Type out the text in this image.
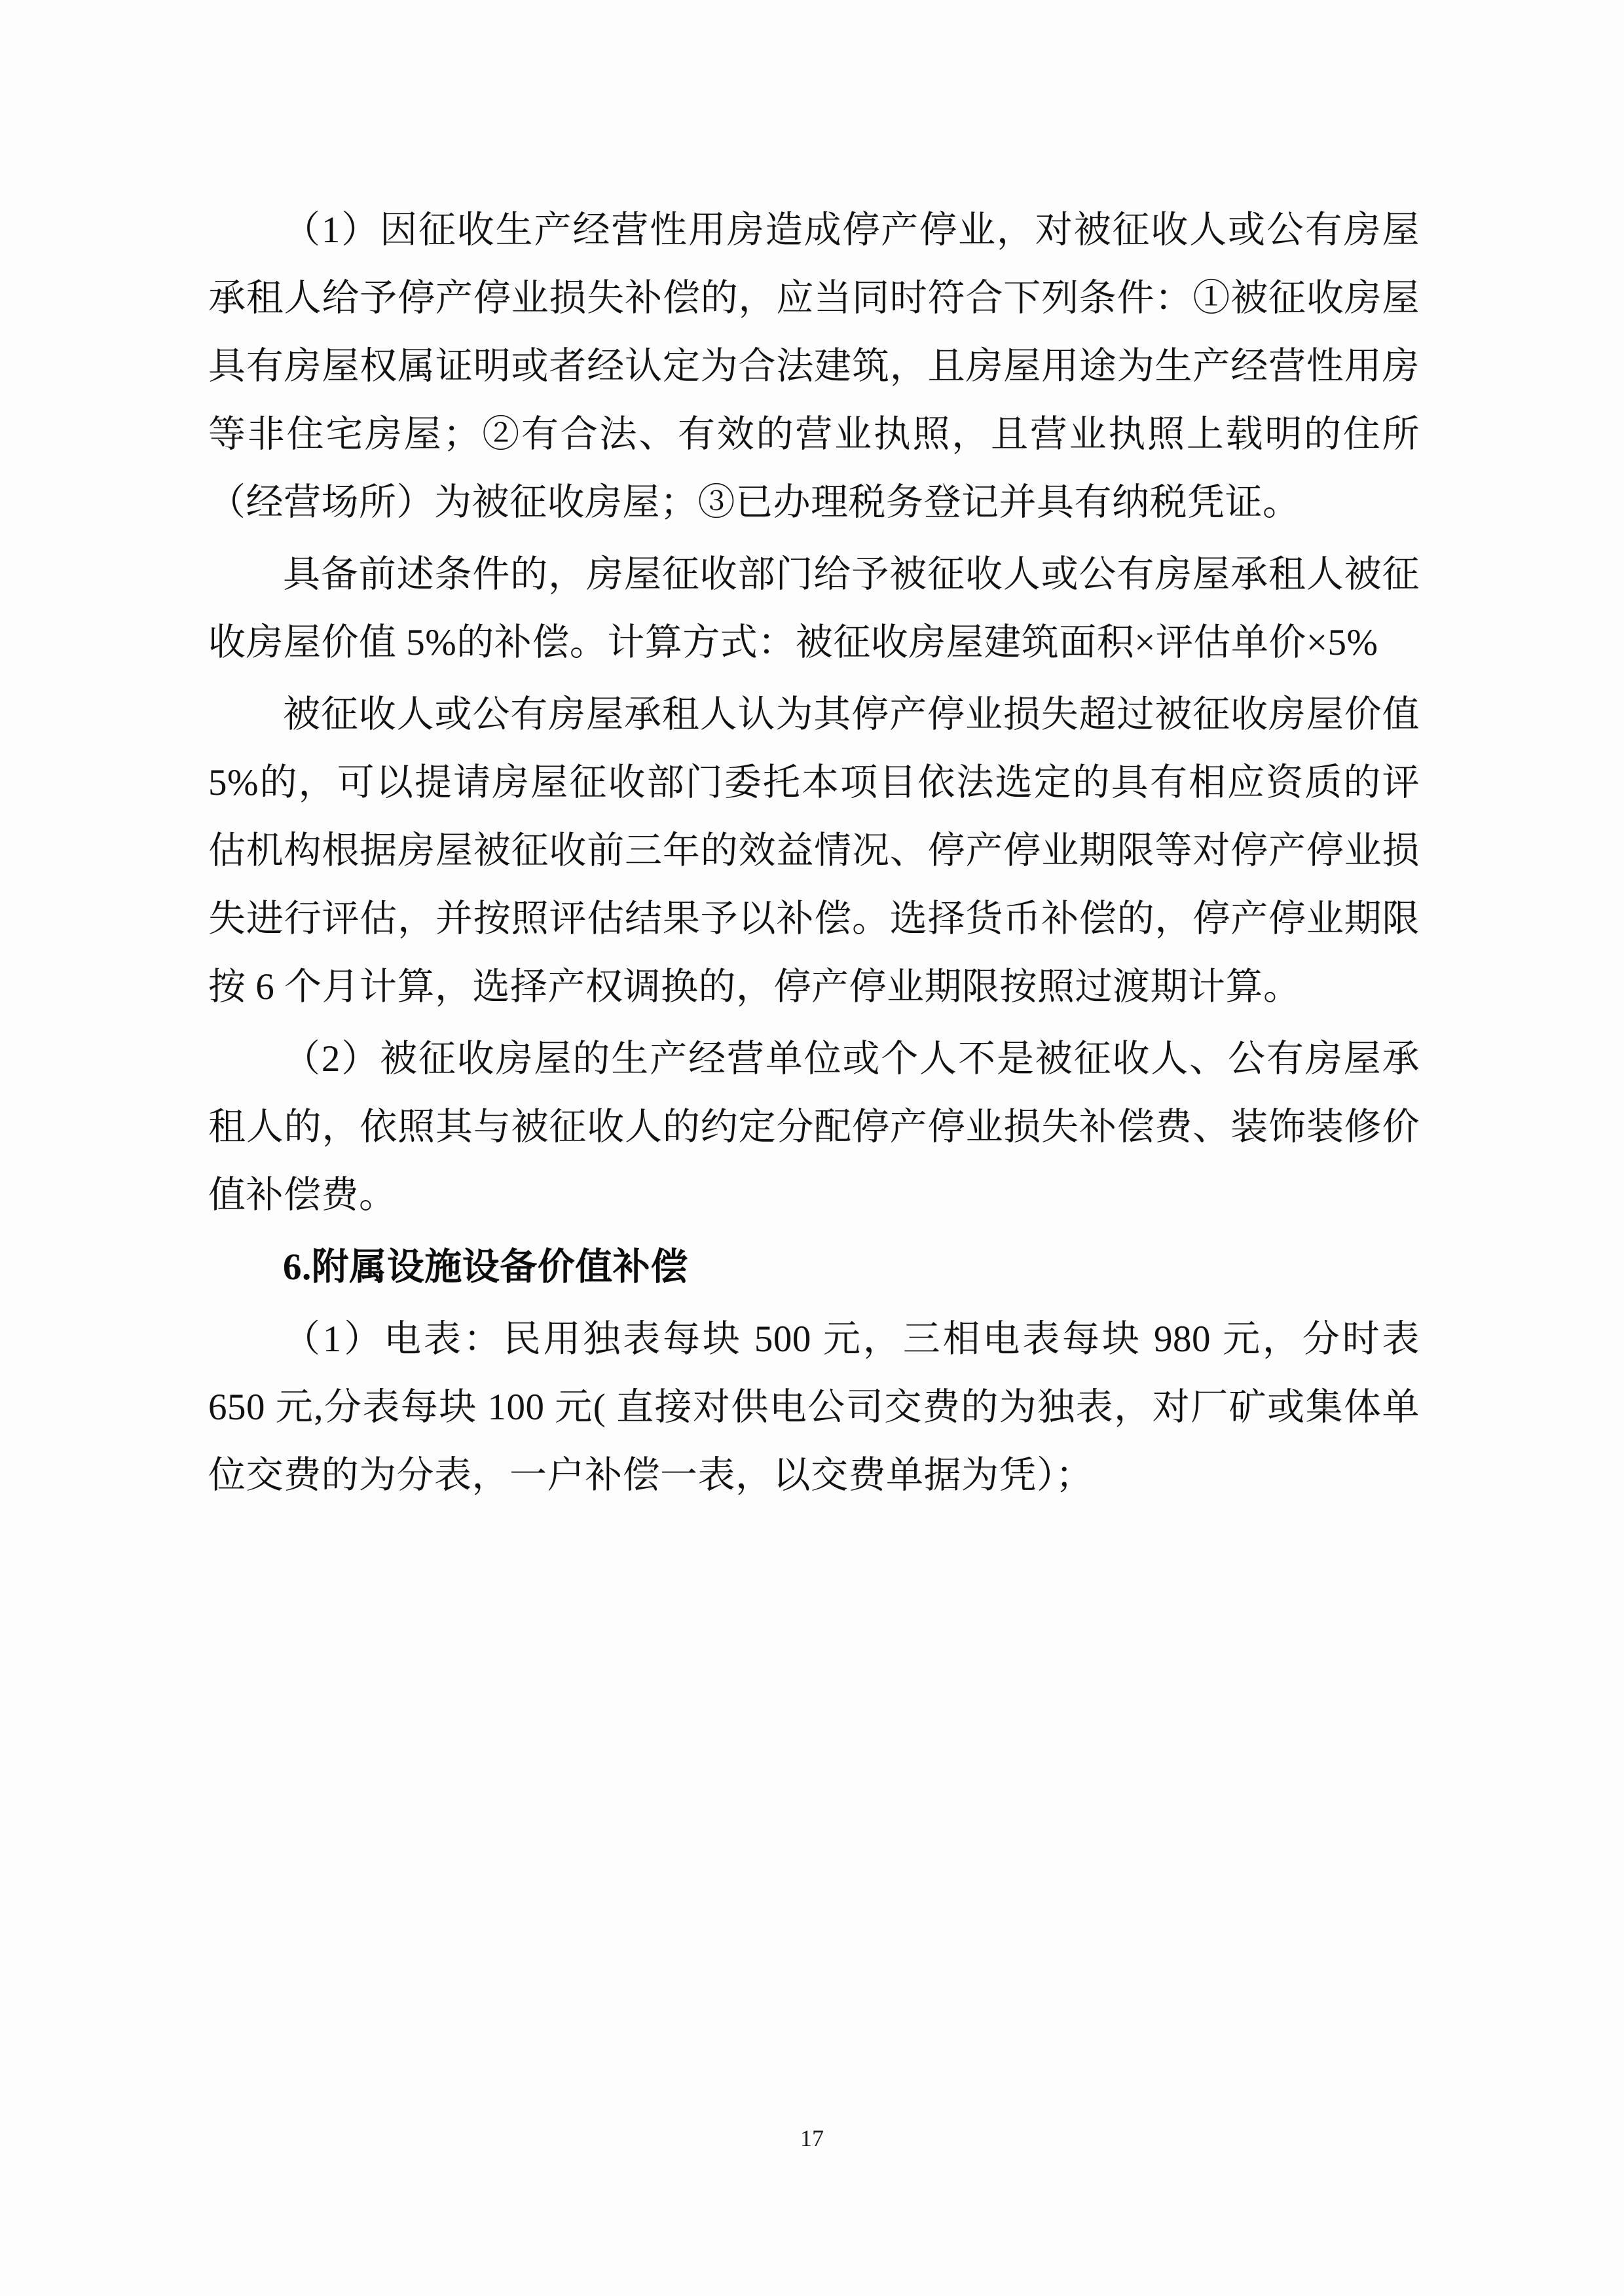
（1）因征收生产经营性用房造成停产停业，对被征收人或公有房屋承租人给予停产停业损失补偿的，应当同时符合下列条件：①被征收房屋具有房屋权属证明或者经认定为合法建筑，且房屋用途为生产经营性用房等非住宅房屋；②有合法、有效的营业执照，且营业执照上载明的住所（经营场所）为被征收房屋；③已办理税务登记并具有纳税凭证。

具备前述条件的，房屋征收部门给予被征收人或公有房屋承租人被征收房屋价值 5%的补偿。计算方式：被征收房屋建筑面积×评估单价×5%

被征收人或公有房屋承租人认为其停产停业损失超过被征收房屋价值 5%的，可以提请房屋征收部门委托本项目依法选定的具有相应资质的评估机构根据房屋被征收前三年的效益情况、停产停业期限等对停产停业损失进行评估，并按照评估结果予以补偿。选择货币补偿的，停产停业期限按 6 个月计算，选择产权调换的，停产停业期限按照过渡期计算。

（2）被征收房屋的生产经营单位或个人不是被征收人、公有房屋承租人的，依照其与被征收人的约定分配停产停业损失补偿费、装饰装修价值补偿费。

6.附属设施设备价值补偿

（1）电表：民用独表每块 500 元，三相电表每块 980 元，分时表 650 元,分表每块 100 元( 直接对供电公司交费的为独表，对厂矿或集体单位交费的为分表，一户补偿一表，以交费单据为凭）；

17
